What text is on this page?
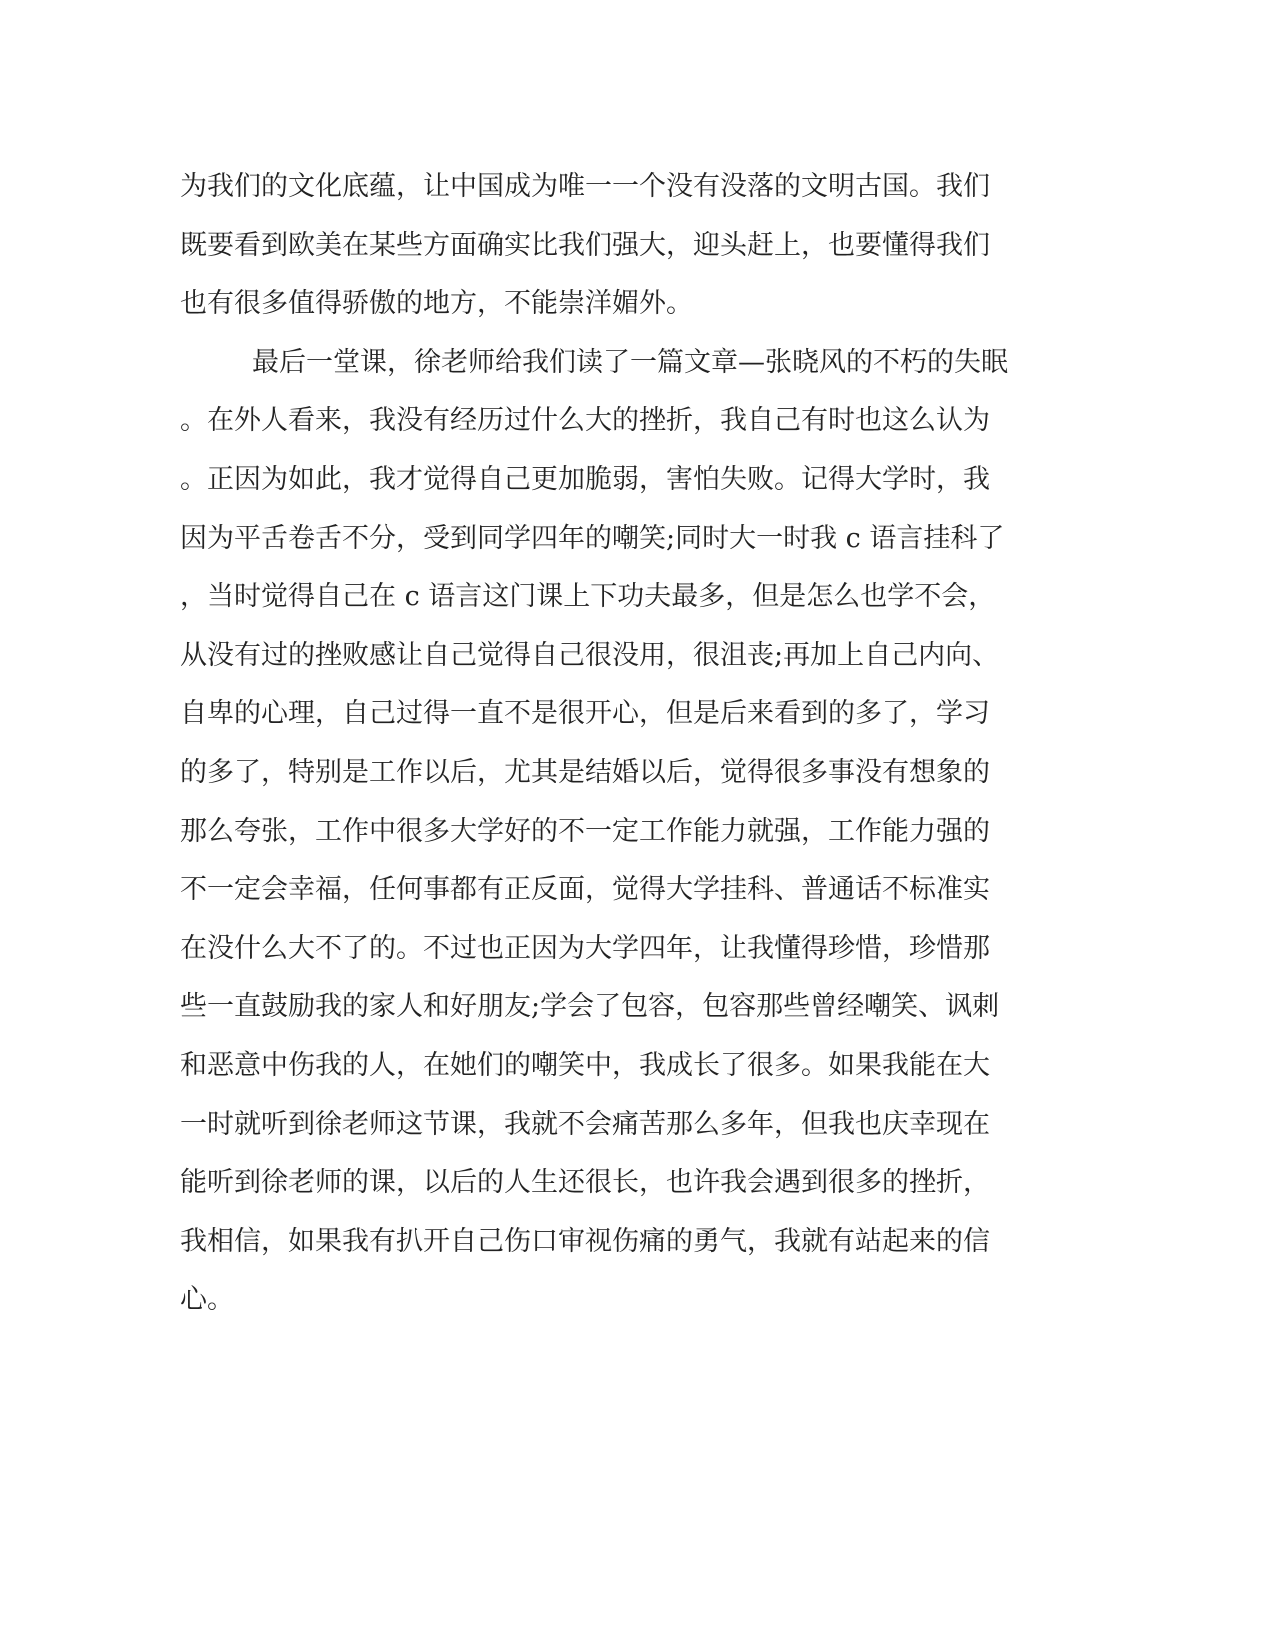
为我们的文化底蕴，让中国成为唯一一个没有没落的文明古国。我们
既要看到欧美在某些方面确实比我们强大，迎头赶上，也要懂得我们
也有很多值得骄傲的地方，不能崇洋媚外。
最后一堂课，徐老师给我们读了一篇文章—张晓风的不朽的失眠
。在外人看来，我没有经历过什么大的挫折，我自己有时也这么认为
。正因为如此，我才觉得自己更加脆弱，害怕失败。记得大学时，我
因为平舌卷舌不分，受到同学四年的嘲笑;同时大一时我 c 语言挂科了
，当时觉得自己在 c 语言这门课上下功夫最多，但是怎么也学不会，
从没有过的挫败感让自己觉得自己很没用，很沮丧;再加上自己内向、
自卑的心理，自己过得一直不是很开心，但是后来看到的多了，学习
的多了，特别是工作以后，尤其是结婚以后，觉得很多事没有想象的
那么夸张，工作中很多大学好的不一定工作能力就强，工作能力强的
不一定会幸福，任何事都有正反面，觉得大学挂科、普通话不标准实
在没什么大不了的。不过也正因为大学四年，让我懂得珍惜，珍惜那
些一直鼓励我的家人和好朋友;学会了包容，包容那些曾经嘲笑、讽刺
和恶意中伤我的人，在她们的嘲笑中，我成长了很多。如果我能在大
一时就听到徐老师这节课，我就不会痛苦那么多年，但我也庆幸现在
能听到徐老师的课，以后的人生还很长，也许我会遇到很多的挫折，
我相信，如果我有扒开自己伤口审视伤痛的勇气，我就有站起来的信
心。
